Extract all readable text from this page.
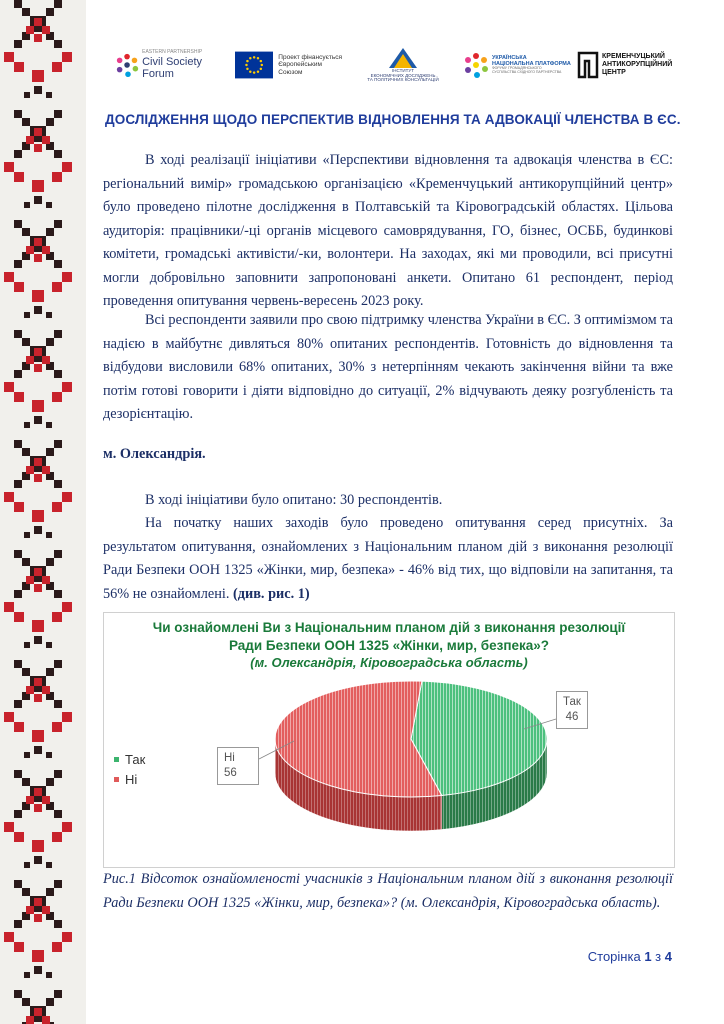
EASTERN PARTNERSHIP
Civil Society Forum
Проект фінансується
Європейським Союзом	ІНСТИТУТ
ЕКОНОМІЧНИХ ДОСЛІДЖЕНЬ
ТА ПОЛІТИЧНИХ КОНСУЛЬТАЦІЙ
УКРАЇНСЬКА
НАЦІОНАЛЬНА ПЛАТФОРМА
ФОРУМУ ГРОМАДЯНСЬКОГО СУСПІЛЬСТВА СХІДНОГО ПАРТНЕРСТВА
КРЕМЕНЧУЦЬКИЙ
АНТИКОРУПЦІЙНИЙ
ЦЕНТР
ДОСЛІДЖЕННЯ ЩОДО ПЕРСПЕКТИВ ВІДНОВЛЕННЯ ТА АДВОКАЦІЇ ЧЛЕНСТВА В ЄС.
В ході реалізації ініціативи «Перспективи відновлення та адвокація членства в ЄС: регіональний вимір» громадською організацією «Кременчуцький антикорупційний центр» було проведено пілотне дослідження в Полтавській та Кіровоградській областях. Цільова аудиторія: працівники/-ці органів місцевого самоврядування, ГО, бізнес, ОСББ, будинкові комітети, громадські активісти/-ки, волонтери. На заходах, які ми проводили, всі присутні могли добровільно заповнити запропоновані анкети. Опитано 61 респондент, період проведення опитування червень-вересень 2023 року.
Всі респонденти заявили про свою підтримку членства України в ЄС. З оптимізмом та надією в майбутнє дивляться 80% опитаних респондентів. Готовність до відновлення та відбудови висловили 68% опитаних, 30% з нетерпінням чекають закінчення війни та вже потім готові говорити і діяти відповідно до ситуації, 2% відчувають деяку розгубленість та дезорієнтацію.
м. Олександрія.
В ході ініціативи було опитано: 30 респондентів.
На початку наших заходів було проведено опитування серед присутніх. За результатом опитування, ознайомлених з Національним планом дій з виконання резолюції Ради Безпеки ООН 1325 «Жінки, мир, безпека» - 46% від тих, що відповіли на запитання, та 56% не ознайомлені. (див. рис. 1)
Чи ознайомлені Ви з Національним планом дій з виконання резолюції
Ради Безпеки ООН 1325 «Жінки, мир, безпека»?
(м. Олександрія, Кіровоградська область)
Так
Ні
Так
46
Ні
56
Рис.1 Відсоток ознайомленості учасників з Національним планом дій з виконання резолюції Ради Безпеки ООН 1325 «Жінки, мир, безпека»? (м. Олександрія, Кіровоградська область).
Сторінка 1 з 4
